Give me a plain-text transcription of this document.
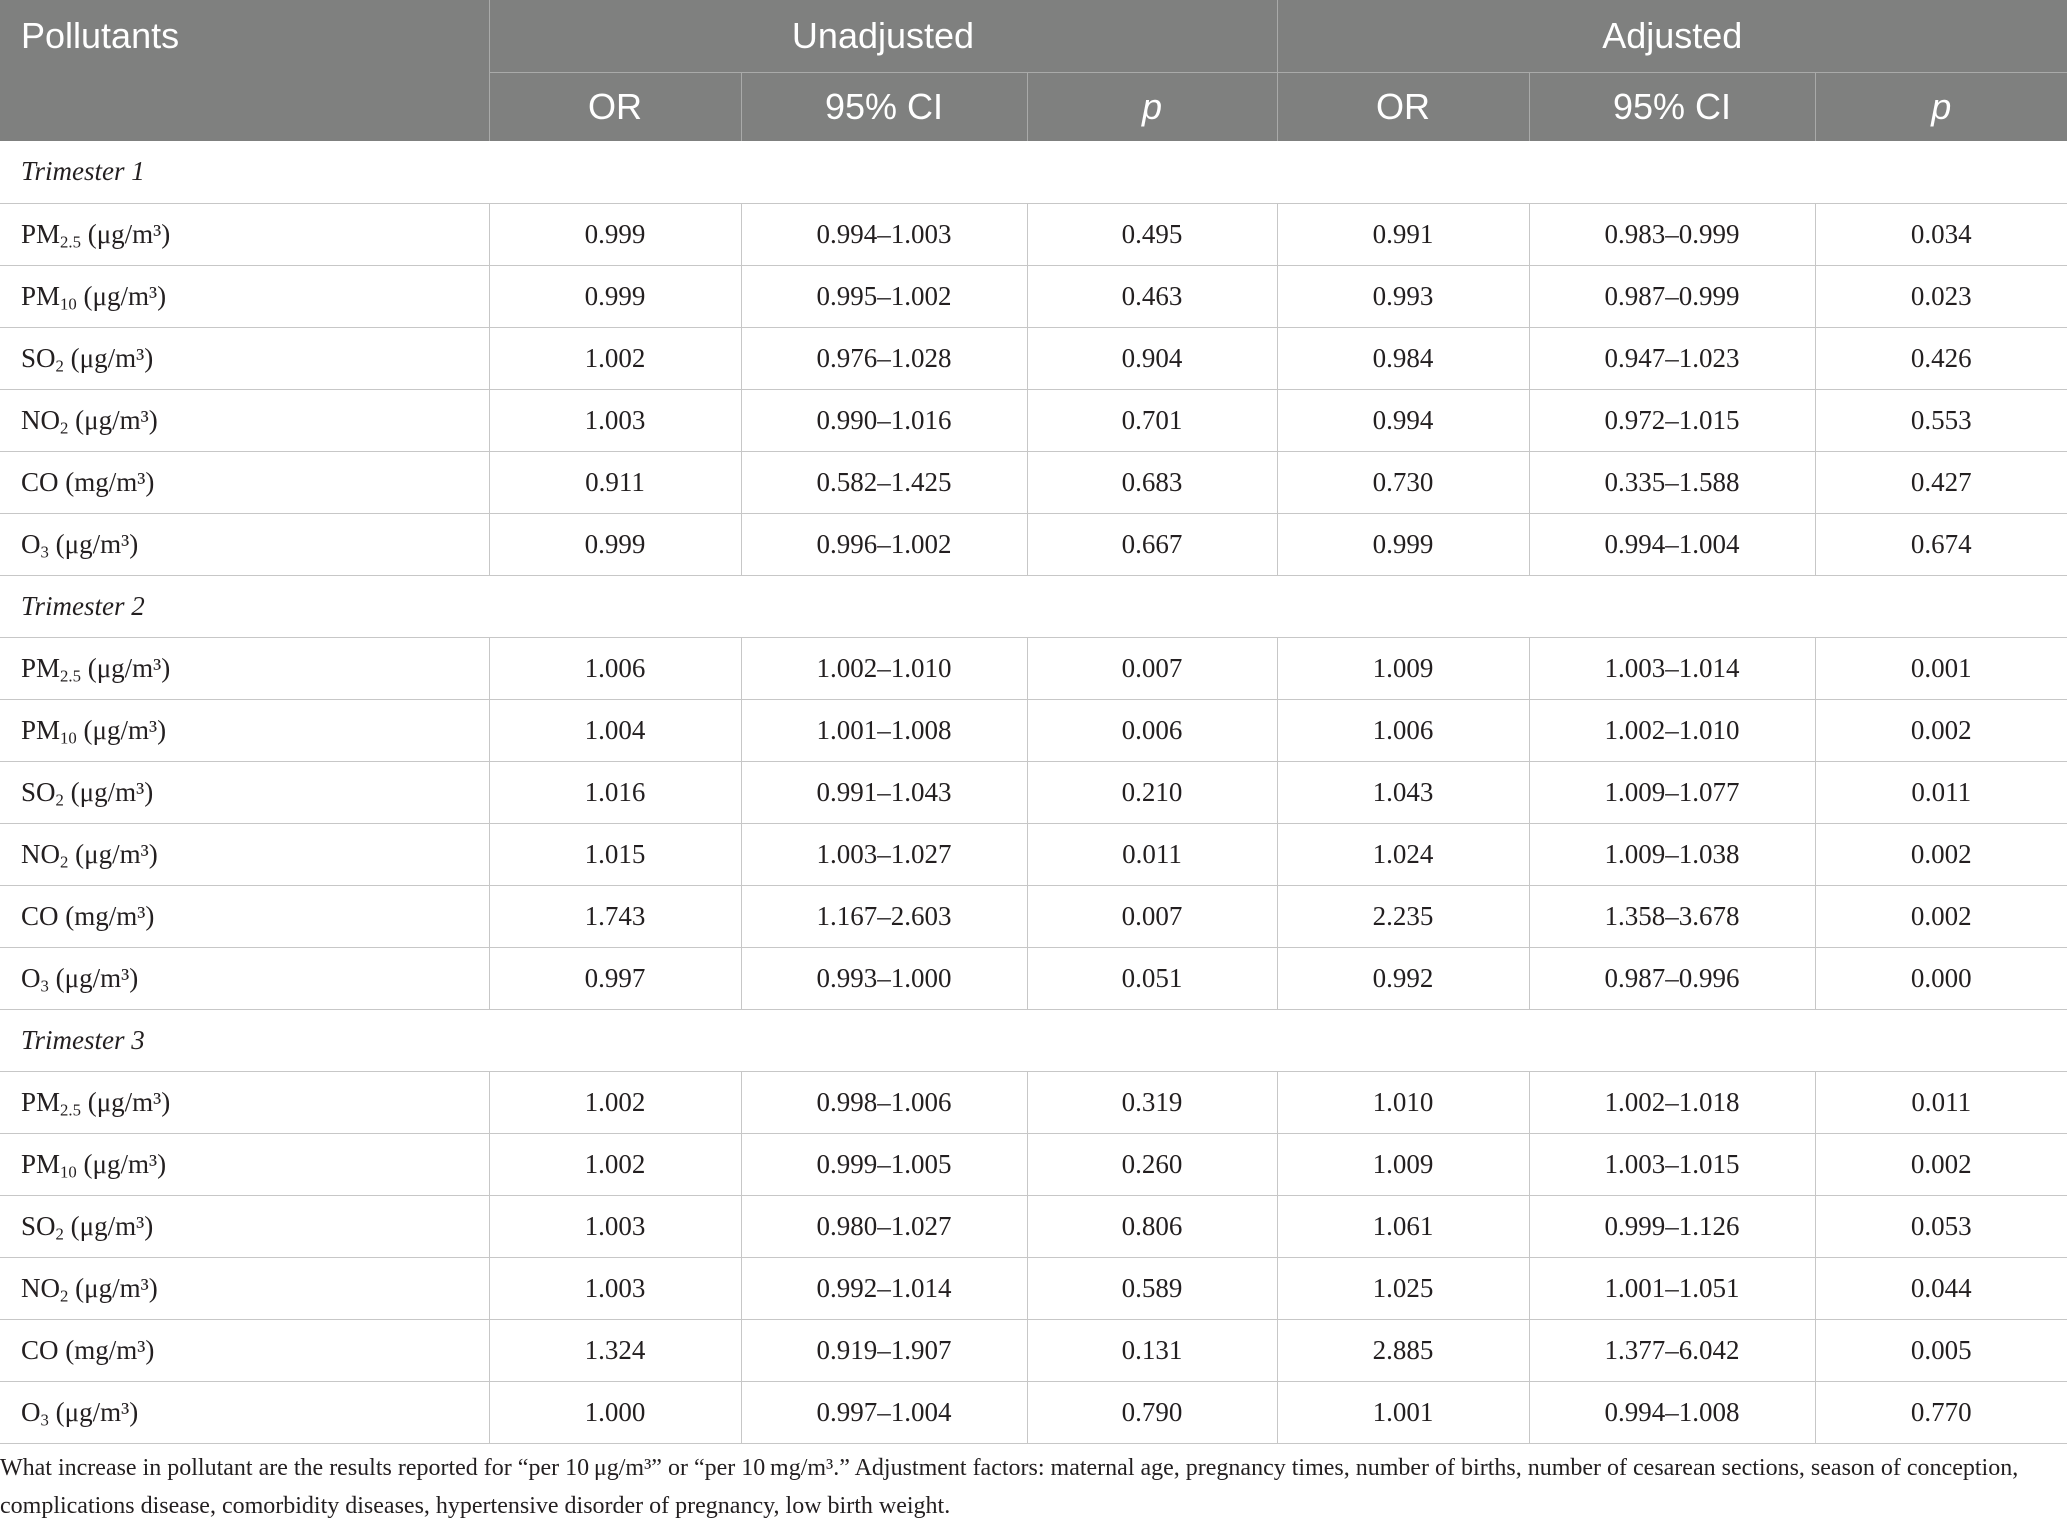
Pollutants	Unadjusted			Adjusted		
	OR	95% CI	p	OR	95% CI	p
Trimester 1						
$PM_{2.5}$ (μg/m³)	0.999	0.994–1.003	0.495	0.991	0.983–0.999	0.034
$PM_{10}$ (μg/m³)	0.999	0.995–1.002	0.463	0.993	0.987–0.999	0.023
$SO_2$ (μg/m³)	1.002	0.976–1.028	0.904	0.984	0.947–1.023	0.426
$NO_2$ (μg/m³)	1.003	0.990–1.016	0.701	0.994	0.972–1.015	0.553
CO (mg/m³)	0.911	0.582–1.425	0.683	0.730	0.335–1.588	0.427
$O_3$ (μg/m³)	0.999	0.996–1.002	0.667	0.999	0.994–1.004	0.674
Trimester 2						
$PM_{2.5}$ (μg/m³)	1.006	1.002–1.010	0.007	1.009	1.003–1.014	0.001
$PM_{10}$ (μg/m³)	1.004	1.001–1.008	0.006	1.006	1.002–1.010	0.002
$SO_2$ (μg/m³)	1.016	0.991–1.043	0.210	1.043	1.009–1.077	0.011
$NO_2$ (μg/m³)	1.015	1.003–1.027	0.011	1.024	1.009–1.038	0.002
CO (mg/m³)	1.743	1.167–2.603	0.007	2.235	1.358–3.678	0.002
$O_3$ (μg/m³)	0.997	0.993–1.000	0.051	0.992	0.987–0.996	0.000
Trimester 3						
$PM_{2.5}$ (μg/m³)	1.002	0.998–1.006	0.319	1.010	1.002–1.018	0.011
$PM_{10}$ (μg/m³)	1.002	0.999–1.005	0.260	1.009	1.003–1.015	0.002
$SO_2$ (μg/m³)	1.003	0.980–1.027	0.806	1.061	0.999–1.126	0.053
$NO_2$ (μg/m³)	1.003	0.992–1.014	0.589	1.025	1.001–1.051	0.044
CO (mg/m³)	1.324	0.919–1.907	0.131	2.885	1.377–6.042	0.005
$O_3$ (μg/m³)	1.000	0.997–1.004	0.790	1.001	0.994–1.008	0.770

What increase in pollutant are the results reported for “per 10 μg/m³” or “per 10 mg/m³.” Adjustment factors: maternal age, pregnancy times, number of births, number of cesarean sections, season of conception, complications disease, comorbidity diseases, hypertensive disorder of pregnancy, low birth weight.
